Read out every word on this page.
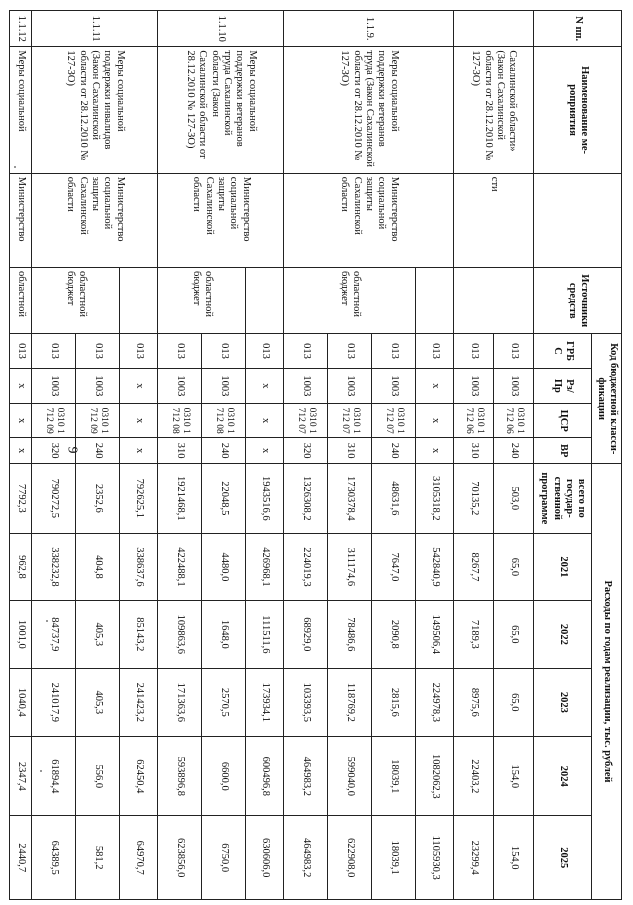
9
N пп.	Наименование ме-
роприятия		Источники средств	Код бюджетной класси-
фикации				Расходы по годам реализации, тыс. рублей					
				ГРБ
С	Рз/
Пр	ЦСР	ВР	всего по
государ-
ственной
программе	2021	2022	2023	2024	2025
	Сахалинской области» (Закон Сахалинской области от 28.12.2010 № 127-ЗО)	сти		013	1003	0310 1712 06	240	503,0	65,0	65,0	65,0	154,0	154,0
				013	1003	0310 1712 06	310	70135,2	8267,7	7189,3	8975,6	22403,2	23299,4
1.1.9.	Меры социальной поддержки ветеранов труда (Закон Сахалинской области от 28.12.2010 № 127-ЗО)	Министерство социальной защиты Сахалинской области		013	x	x	x	3105318,2	542840,9	149506,4	224978,3	1082062,3	1105930,3
			областной бюджет	013	1003	0310 1712 07	240	48631,6	7647,0	2090,8	2815,6	18039,1	18039,1
				013	1003	0310 1712 07	310	1730378,4	311174,6	78486,6	118769,2	599040,0	622908,0
				013	1003	0310 1712 07	320	1326308,2	224019,3	68929,0	103393,5	464983,2	464983,2
1.1.10	Меры социальной поддержки ветеранов труда Сахалинской области (Закон Сахалинской области от 28.12.2010 № 127-ЗО)	Министерство социальной защиты Сахалинской области		013	x	x	x	1943516,6	426968,1	111511,6	173934,1	600496,8	630606,0
			областной бюджет	013	1003	0310 1712 08	240	22048,5	4480,0	1648,0	2570,5	6600,0	6750,0
				013	1003	0310 1712 08	310	1921468,1	422488,1	109863,6	171363,6	593896,8	623856,0
1.1.11	Меры социальной поддержки инвалидов (Закон Сахалинской области от 28.12.2010 № 127-ЗО)	Министерство социальной защиты Сахалинской области		013	x	x	x	792625,1	338637,6	85143,2	241423,2	62450,4	64970,7
			областной бюджет	013	1003	0310 1712 09	240	2352,6	404,8	405,3	405,3	556,0	581,2
				013	1003	0310 1712 09	320	790272,5	338232,8	84737,9	241017,9	61894,4	64389,5
1.1.12	Меры социальной	Министерство	областной	013	x	x	x	7792,3	962,8	1001,0	1040,4	2347,4	2440,7
